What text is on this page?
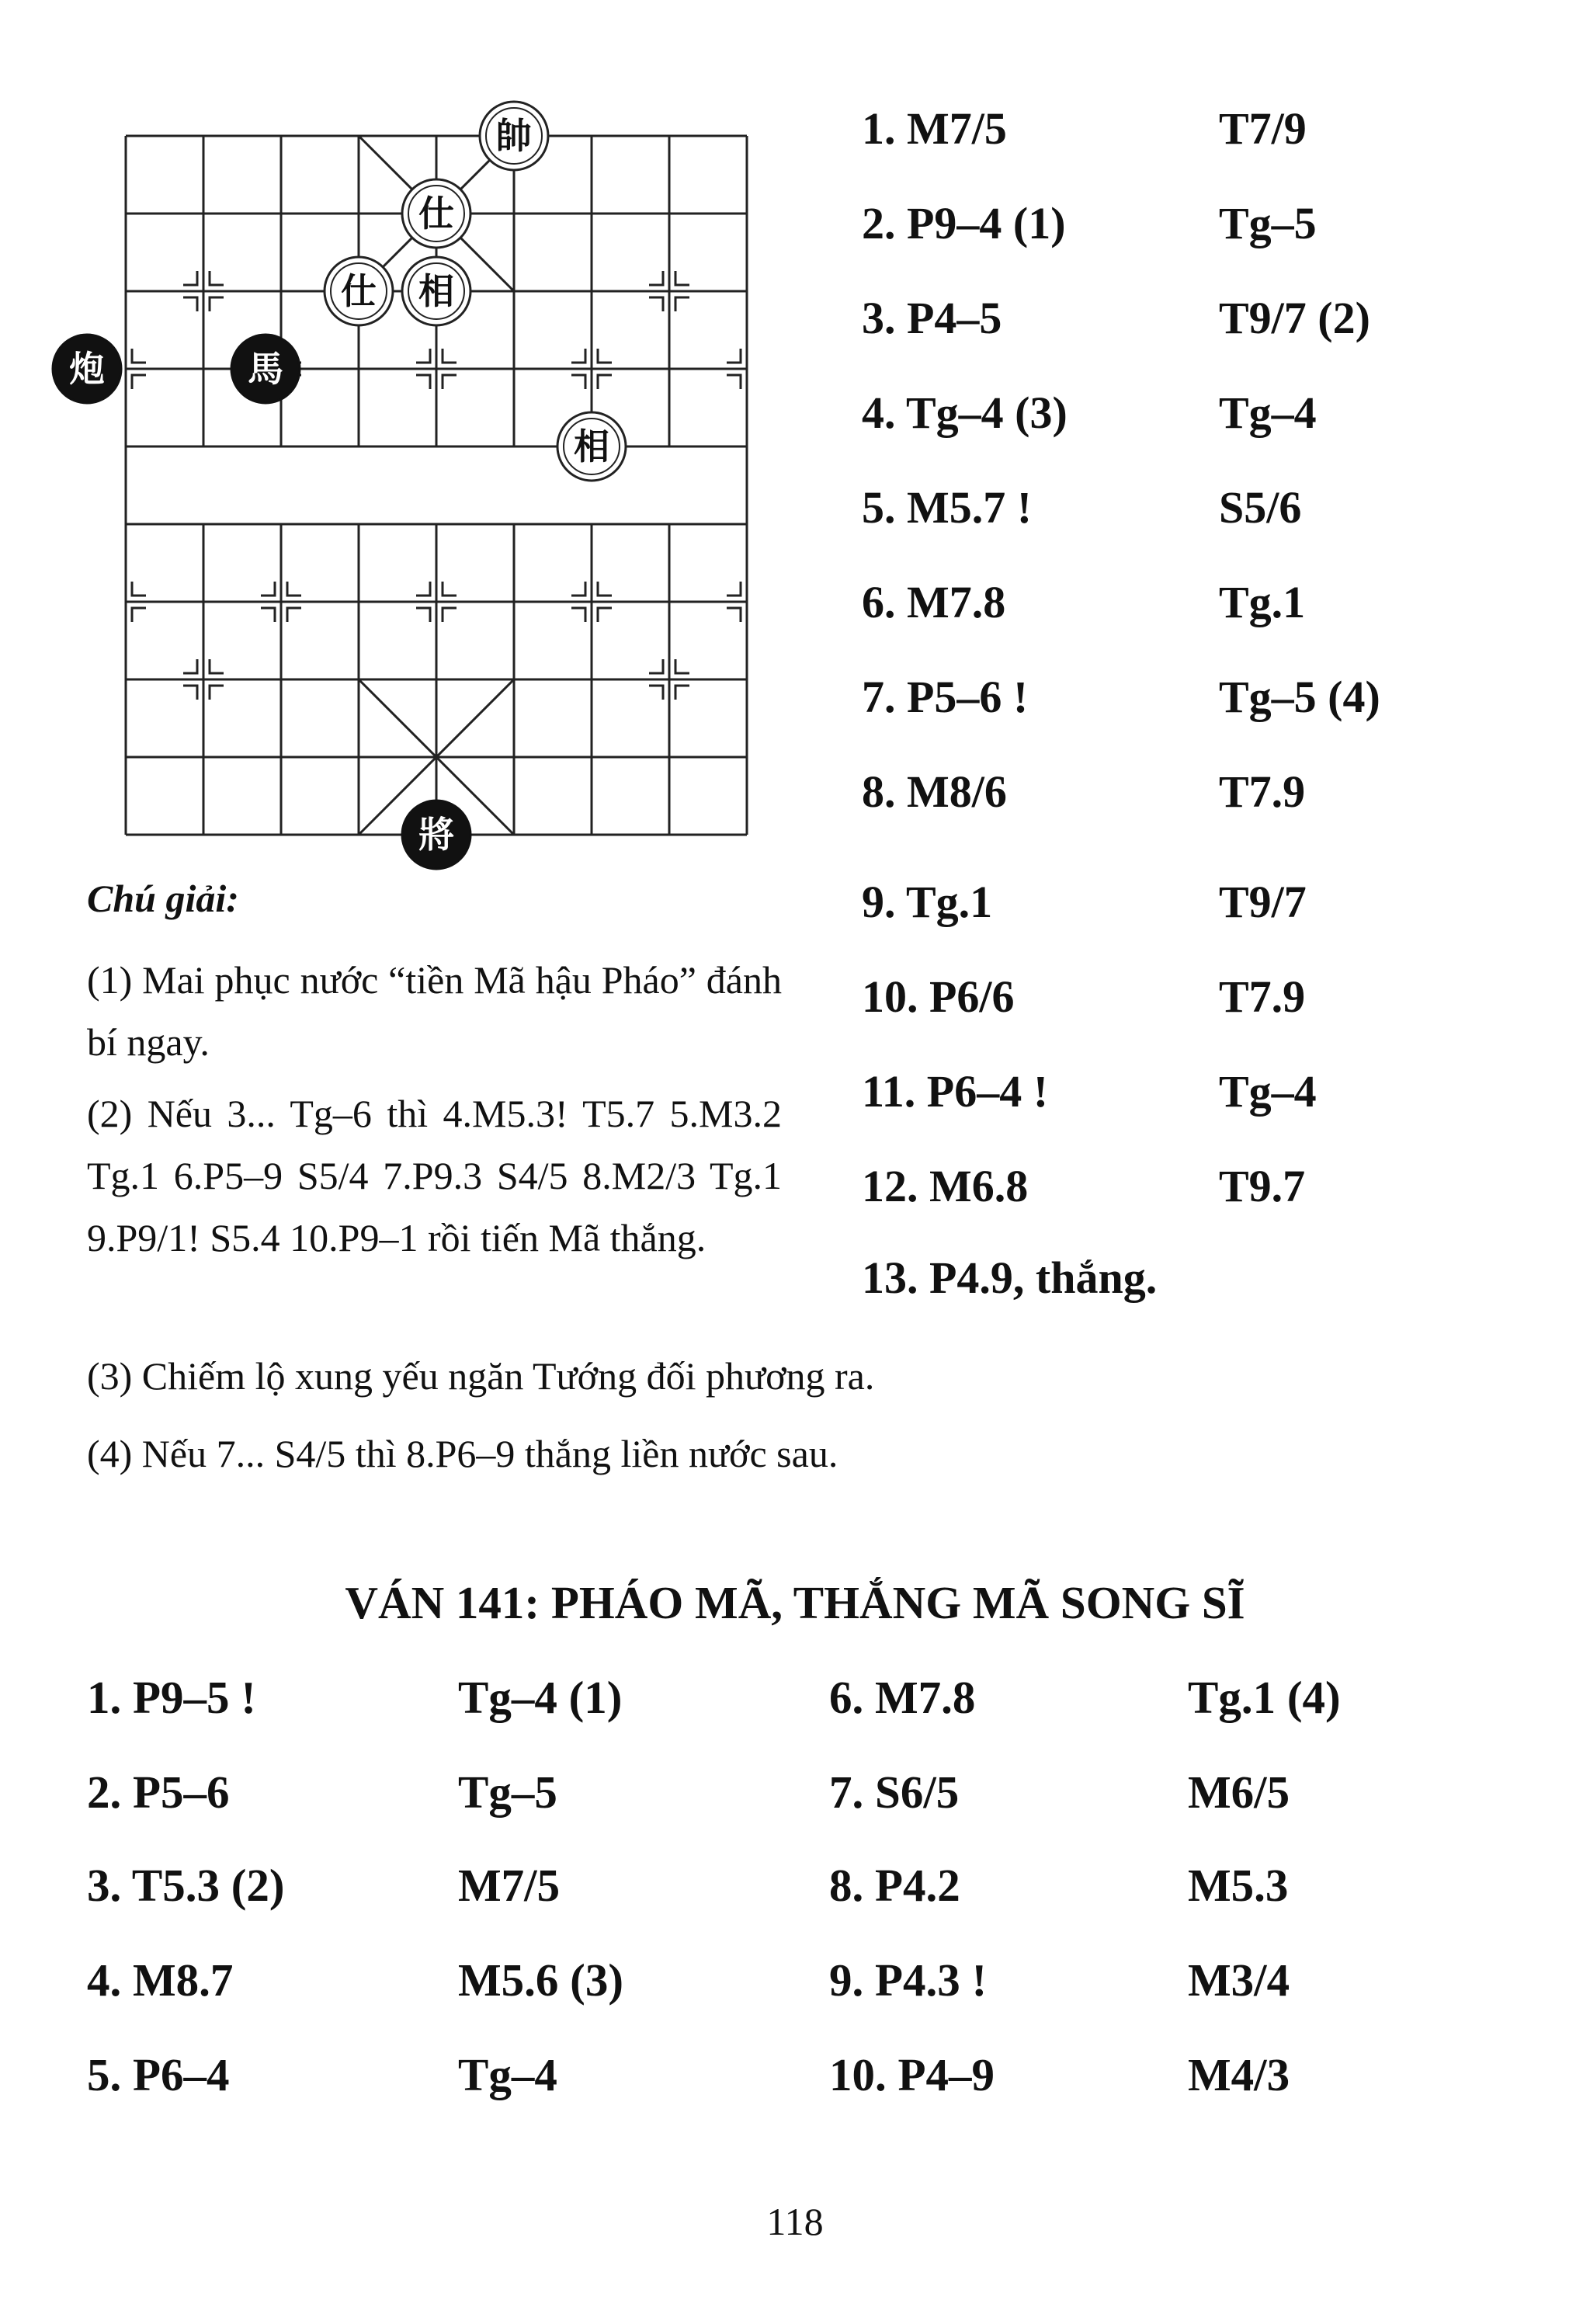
帥
仕
仕 相
相
炮	馬
將
1. M7/5	T7/9
2. P9–4 (1)	Tg–5
3. P4–5	T9/7 (2)
4. Tg–4 (3)	Tg–4
5. M5.7 !	S5/6
6. M7.8	Tg.1
7. P5–6 !	Tg–5 (4)
8. M8/6	T7.9
9. Tg.1	T9/7
10. P6/6	T7.9
11. P6–4 !	Tg–4
12. M6.8	T9.7
13. P4.9, thắng.
Chú giải:
(1) Mai phục nước “tiền Mã hậu Pháo” đánh bí ngay.
(2) Nếu 3... Tg–6 thì 4.M5.3! T5.7 5.M3.2 Tg.1 6.P5–9 S5/4 7.P9.3 S4/5 8.M2/3 Tg.1 9.P9/1! S5.4 10.P9–1 rồi tiến Mã thắng.
(3) Chiếm lộ xung yếu ngăn Tướng đối phương ra.
(4) Nếu 7... S4/5 thì 8.P6–9 thắng liền nước sau.
VÁN 141: PHÁO MÃ, THẮNG MÃ SONG SĨ
1. P9–5 !	Tg–4 (1)	6. M7.8	Tg.1 (4)
2. P5–6	Tg–5	7. S6/5	M6/5
3. T5.3 (2)	M7/5	8. P4.2	M5.3
4. M8.7	M5.6 (3)	9. P4.3 !	M3/4
5. P6–4	Tg–4	10. P4–9	M4/3
118
